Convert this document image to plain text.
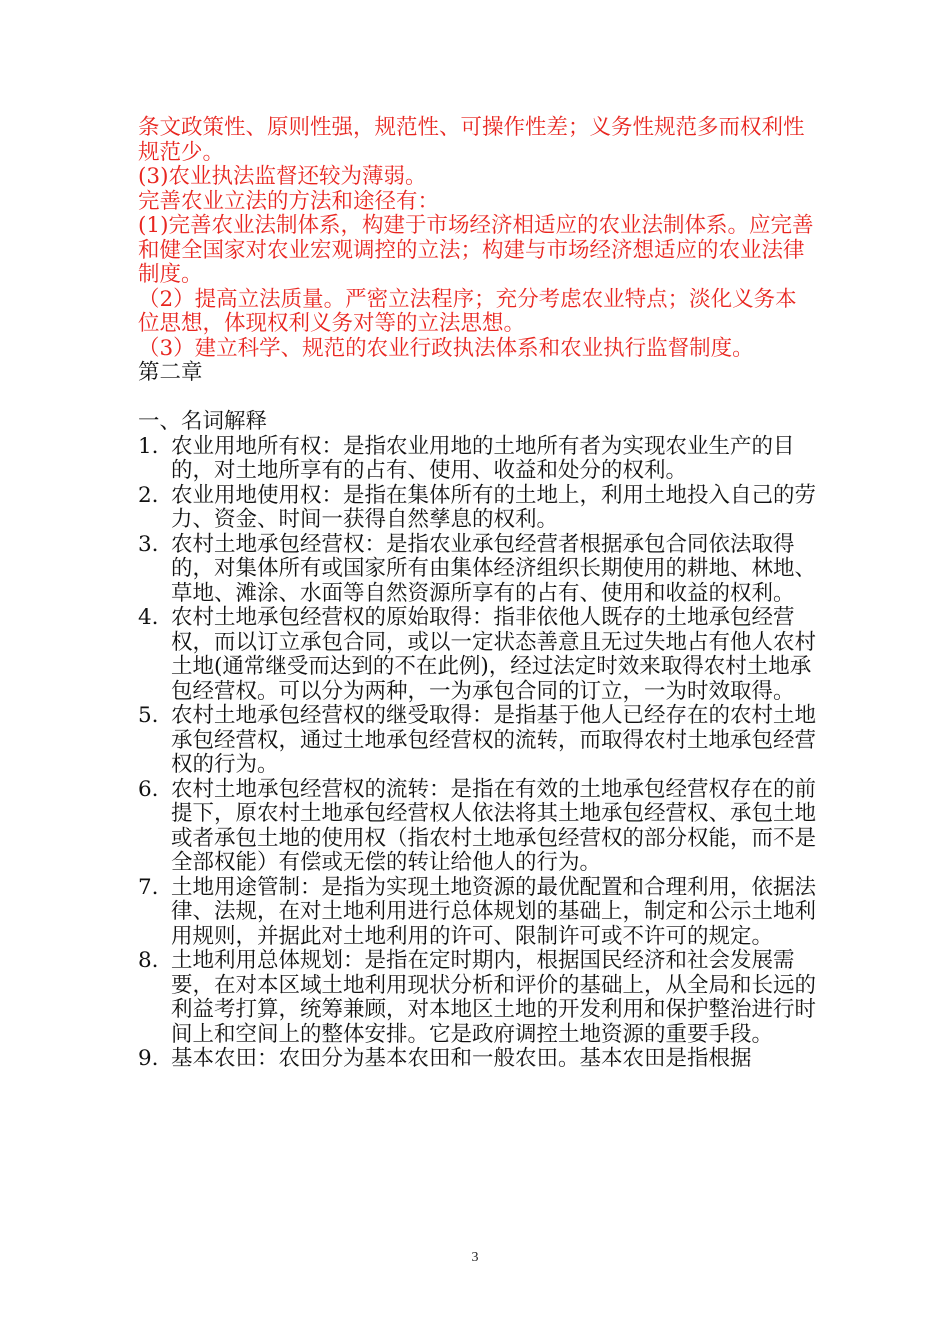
条文政策性、原则性强，规范性、可操作性差；义务性规范多而权利性规范少。

(3)农业执法监督还较为薄弱。

完善农业立法的方法和途径有：

(1)完善农业法制体系，构建于市场经济相适应的农业法制体系。应完善和健全国家对农业宏观调控的立法；构建与市场经济想适应的农业法律制度。

（2）提高立法质量。严密立法程序；充分考虑农业特点；淡化义务本位思想，体现权利义务对等的立法思想。

（3）建立科学、规范的农业行政执法体系和农业执行监督制度。

第二章

一、名词解释

1. 农业用地所有权：是指农业用地的土地所有者为实现农业生产的目的，对土地所享有的占有、使用、收益和处分的权利。
2. 农业用地使用权：是指在集体所有的土地上，利用土地投入自己的劳力、资金、时间一获得自然孳息的权利。
3. 农村土地承包经营权：是指农业承包经营者根据承包合同依法取得的，对集体所有或国家所有由集体经济组织长期使用的耕地、林地、草地、滩涂、水面等自然资源所享有的占有、使用和收益的权利。
4. 农村土地承包经营权的原始取得：指非依他人既存的土地承包经营权，而以订立承包合同，或以一定状态善意且无过失地占有他人农村土地(通常继受而达到的不在此例)，经过法定时效来取得农村土地承包经营权。可以分为两种，一为承包合同的订立，一为时效取得。
5. 农村土地承包经营权的继受取得：是指基于他人已经存在的农村土地承包经营权，通过土地承包经营权的流转，而取得农村土地承包经营权的行为。
6. 农村土地承包经营权的流转：是指在有效的土地承包经营权存在的前提下，原农村土地承包经营权人依法将其土地承包经营权、承包土地或者承包土地的使用权（指农村土地承包经营权的部分权能，而不是全部权能）有偿或无偿的转让给他人的行为。
7. 土地用途管制：是指为实现土地资源的最优配置和合理利用，依据法律、法规，在对土地利用进行总体规划的基础上，制定和公示土地利用规则，并据此对土地利用的许可、限制许可或不许可的规定。
8. 土地利用总体规划：是指在定时期内，根据国民经济和社会发展需要，在对本区域土地利用现状分析和评价的基础上，从全局和长远的利益考打算，统筹兼顾，对本地区土地的开发利用和保护整治进行时间上和空间上的整体安排。它是政府调控土地资源的重要手段。
9. 基本农田：农田分为基本农田和一般农田。基本农田是指根据
3
